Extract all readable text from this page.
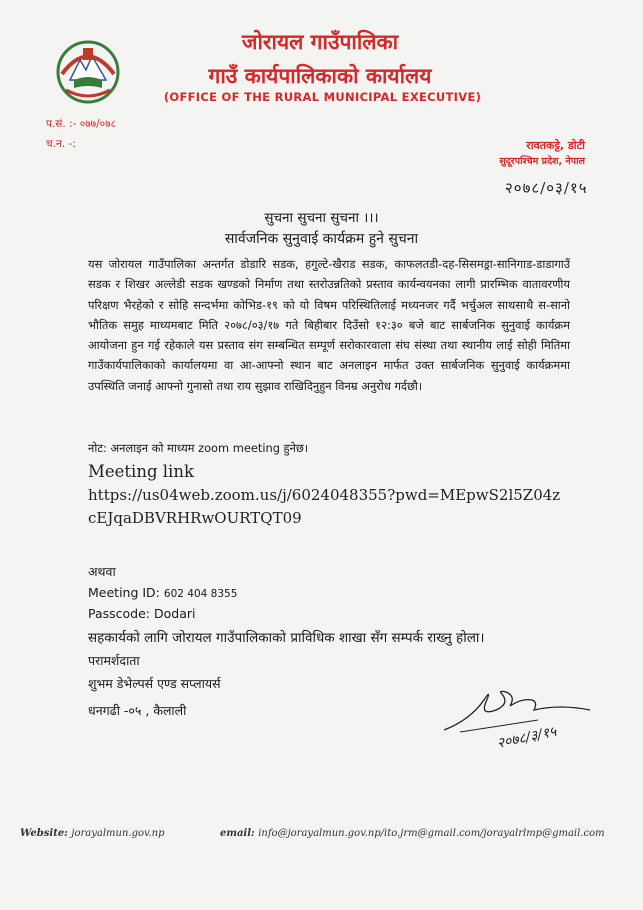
जोरायल गाउँपालिका
गाउँ कार्यपालिकाको कार्यालय
(OFFICE OF THE RURAL MUNICIPAL EXECUTIVE)
प.सं. :- ०७७/०७८
च.न. -:	रावतकट्टे, डोटी
सुदूरपश्चिम प्रदेश, नेपाल
२०७८/०३/१५
सुचना सुचना सुचना ।।।
सार्वजनिक सुनुवाई कार्यक्रम हुने सुचना

यस जोरायल गाउँपालिका अन्तर्गत डोडारि सडक, हगुल्टे-खैराड सडक, काफलतडी-दह-सिसमड्रा-सानिगाड-डाडागाउँ सडक र शिखर अल्लेडी सडक खण्डको निर्माण तथा स्तरोउन्नतिको प्रस्ताव कार्यन्वयनका लागी प्रारम्भिक वातावरणीय परिक्षण भैरहेको र सोहि सन्दर्भमा कोभिड-१९ को यो विषम परिस्थितिलाई मध्यनजर गर्दै भर्चुअल साथसाथै स-सानो भौतिक समुह माध्यमबाट मिति २०७८/०३/१७ गते बिहीबार दिउँसो १२:३० बजे बाट सार्बजनिक सुनुवाई कार्यक्रम आयोजना हुन गई रहेकाले यस प्रस्ताव संग सम्बन्धित सम्पूर्ण सरोकारवाला संघ संस्था तथा स्थानीय लाई सोही मितिमा गाउँकार्यपालिकाको कार्यालयमा वा आ-आफ्नो स्थान बाट अनलाइन मार्फत उक्त सार्बजनिक सुनुवाई कार्यक्रममा उपस्थिति जनाई आफ्नो गुनासो तथा राय सुझाव राखिदिनुहुन विनम्र अनुरोध गर्दछौ।

नोट: अनलाइन को माध्यम zoom meeting हुनेछ।
Meeting link

https://us04web.zoom.us/j/6024048355?pwd=MEpwS2l5Z04zcEJqaDBVRHRwOURTQT09

अथवा
Meeting ID: 602 404 8355
Passcode: Dodari
सहकार्यको लागि जोरायल गाउँपालिकाको प्राविधिक शाखा सँग सम्पर्क राख्नु होला।
परामर्शदाता
शुभम डेभेल्पर्स एण्ड सप्लायर्स
धनगढी -०५ , कैलाली
२०७८/३/१५
Website: jorayalmun.gov.np	email: info@jorayalmun.gov.np/ito.jrm@gmail.com/jorayalrlmp@gmail.com
